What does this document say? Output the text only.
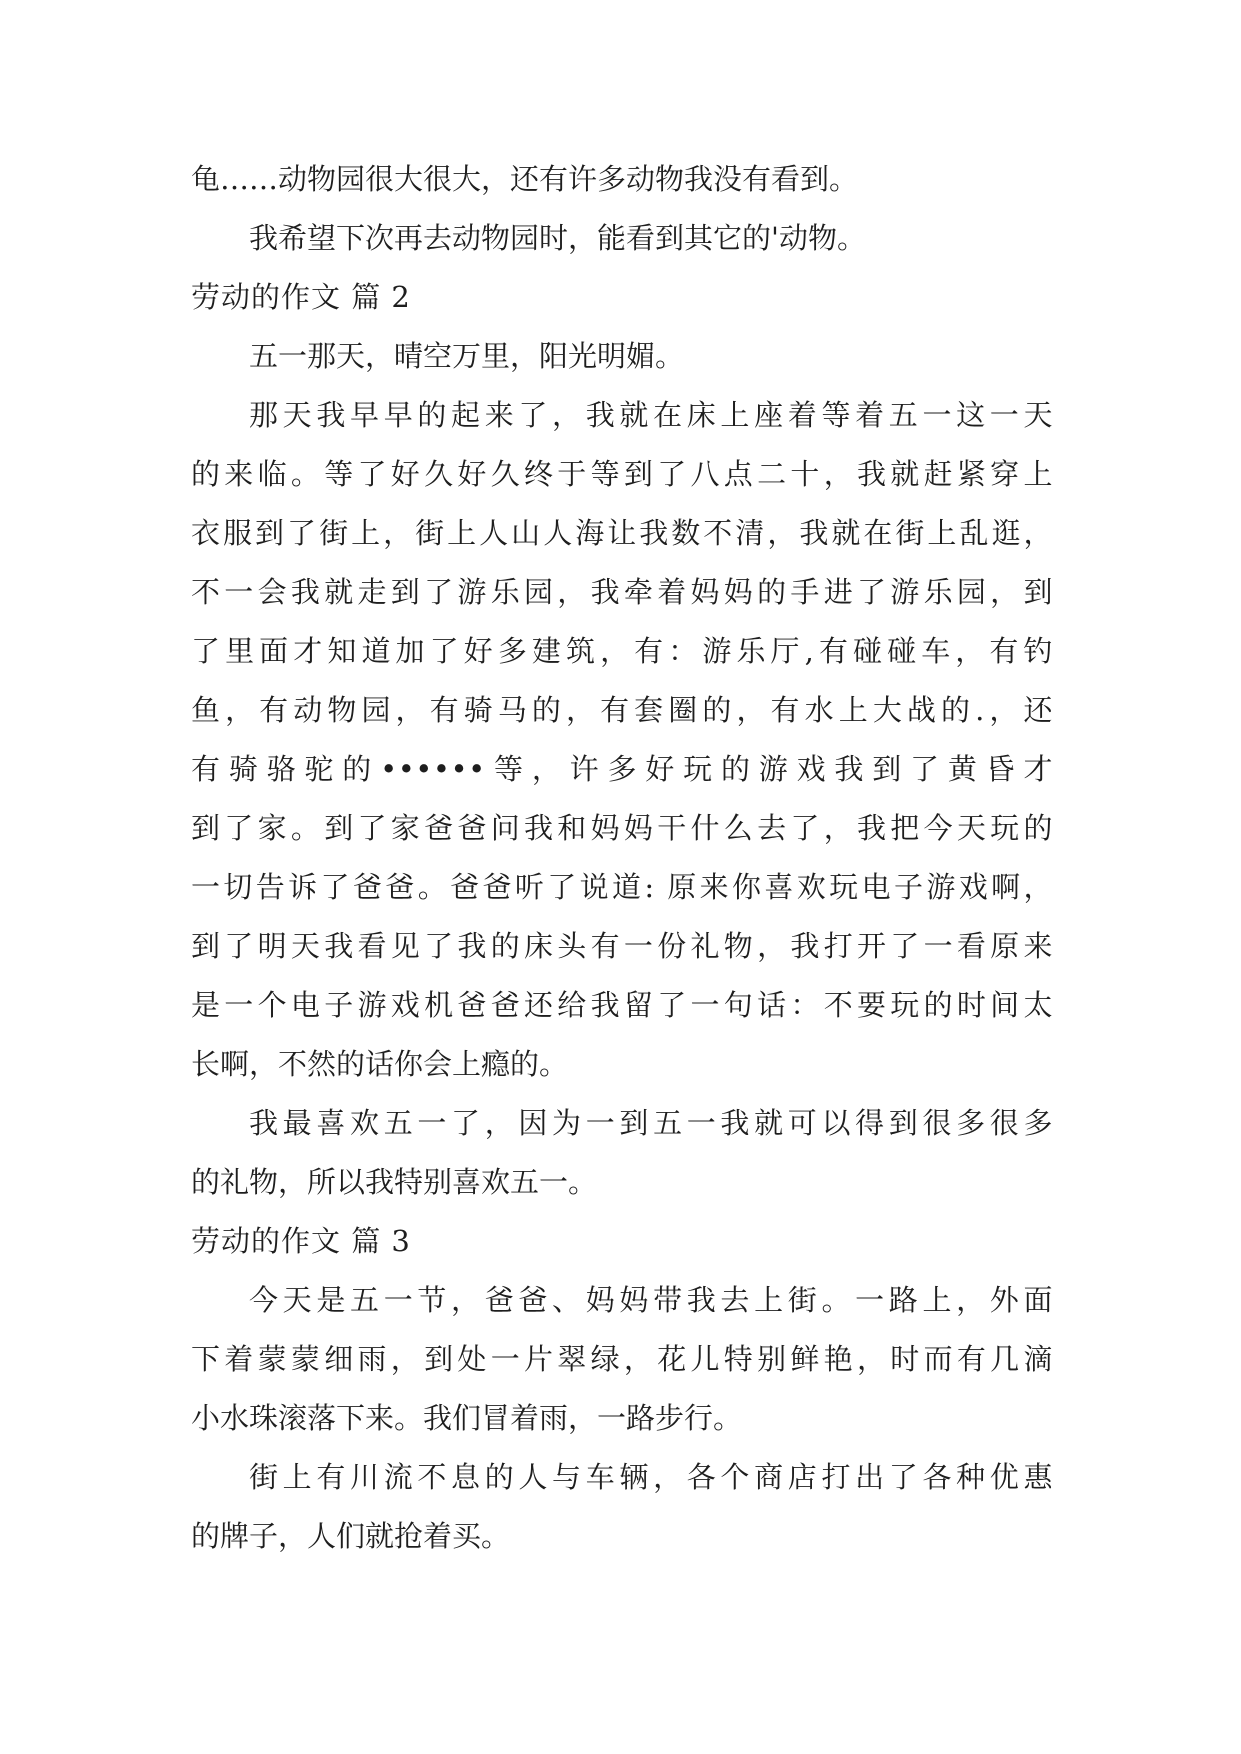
龟……动物园很大很大，还有许多动物我没有看到。

我希望下次再去动物园时，能看到其它的'动物。

劳动的作文 篇 2

五一那天，晴空万里，阳光明媚。

那天我早早的起来了，我就在床上座着等着五一这一天

的来临。等了好久好久终于等到了八点二十，我就赶紧穿上

衣服到了街上，街上人山人海让我数不清，我就在街上乱逛，

不一会我就走到了游乐园，我牵着妈妈的手进了游乐园，到

了里面才知道加了好多建筑，有：游乐厅,有碰碰车，有钓

鱼，有动物园，有骑马的，有套圈的，有水上大战的.，还

有骑骆驼的••••••等，许多好玩的游戏我到了黄昏才

到了家。到了家爸爸问我和妈妈干什么去了，我把今天玩的

一切告诉了爸爸。爸爸听了说道: 原来你喜欢玩电子游戏啊，

到了明天我看见了我的床头有一份礼物，我打开了一看原来

是一个电子游戏机爸爸还给我留了一句话：不要玩的时间太

长啊，不然的话你会上瘾的。

我最喜欢五一了，因为一到五一我就可以得到很多很多

的礼物，所以我特别喜欢五一。

劳动的作文 篇 3

今天是五一节，爸爸、妈妈带我去上街。一路上，外面

下着蒙蒙细雨，到处一片翠绿，花儿特别鲜艳，时而有几滴

小水珠滚落下来。我们冒着雨，一路步行。

街上有川流不息的人与车辆，各个商店打出了各种优惠

的牌子，人们就抢着买。
